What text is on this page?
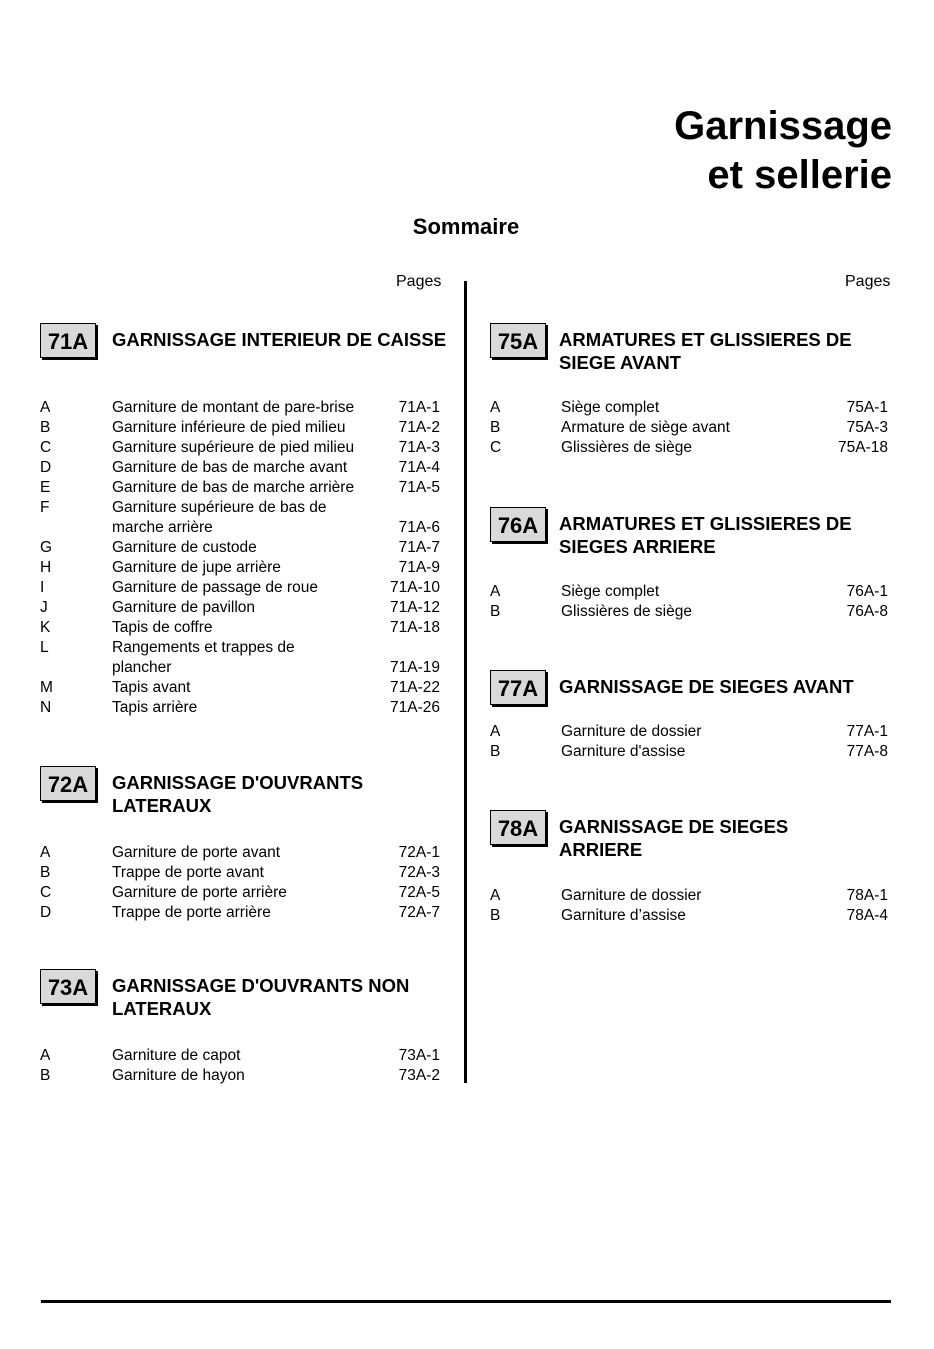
Garnissage
et sellerie
Sommaire
Pages	Pages
71A	GARNISSAGE INTERIEUR DE CAISSE
A	Garniture de montant de pare-brise	71A-1
B	Garniture inférieure de pied milieu	71A-2
C	Garniture supérieure de pied milieu	71A-3
D	Garniture de bas de marche avant	71A-4
E	Garniture de bas de marche arrière	71A-5
F	Garniture supérieure de bas de marche arrière	71A-6
G	Garniture de custode	71A-7
H	Garniture de jupe arrière	71A-9
I	Garniture de passage de roue	71A-10
J	Garniture de pavillon	71A-12
K	Tapis de coffre	71A-18
L	Rangements et trappes de plancher	71A-19
M	Tapis avant	71A-22
N	Tapis arrière	71A-26
72A	GARNISSAGE D'OUVRANTS LATERAUX
A	Garniture de porte avant	72A-1
B	Trappe de porte avant	72A-3
C	Garniture de porte arrière	72A-5
D	Trappe de porte arrière	72A-7
73A	GARNISSAGE D'OUVRANTS NON LATERAUX
A	Garniture de capot	73A-1
B	Garniture de hayon	73A-2
75A	ARMATURES ET GLISSIERES DE SIEGE AVANT
A	Siège complet	75A-1
B	Armature de siège avant	75A-3
C	Glissières de siège	75A-18
76A	ARMATURES ET GLISSIERES DE SIEGES ARRIERE
A	Siège complet	76A-1
B	Glissières de siège	76A-8
77A	GARNISSAGE DE SIEGES AVANT
A	Garniture de dossier	77A-1
B	Garniture d'assise	77A-8
78A	GARNISSAGE DE SIEGES ARRIERE
A	Garniture de dossier	78A-1
B	Garniture d’assise	78A-4
